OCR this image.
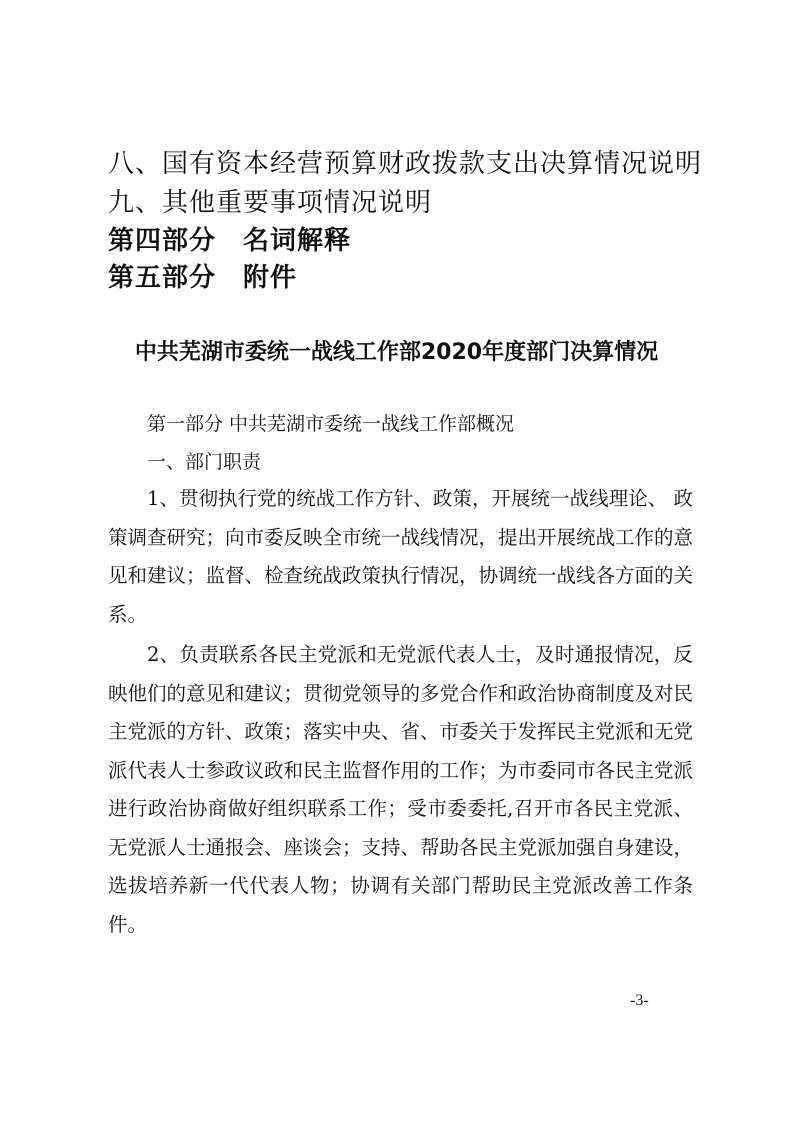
八、国有资本经营预算财政拨款支出决算情况说明
九、其他重要事项情况说明
第四部分　名词解释
第五部分　附件
中共芜湖市委统一战线工作部2020年度部门决算情况
第一部分 中共芜湖市委统一战线工作部概况
一、部门职责

1、贯彻执行党的统战工作方针、政策，开展统一战线理论、 政策调查研究；向市委反映全市统一战线情况，提出开展统战工作的意见和建议；监督、检查统战政策执行情况，协调统一战线各方面的关系。

2、负责联系各民主党派和无党派代表人士，及时通报情况，反映他们的意见和建议；贯彻党领导的多党合作和政治协商制度及对民主党派的方针、政策；落实中央、省、市委关于发挥民主党派和无党派代表人士参政议政和民主监督作用的工作；为市委同市各民主党派进行政治协商做好组织联系工作；受市委委托,召开市各民主党派、无党派人士通报会、座谈会；支持、帮助各民主党派加强自身建设，选拔培养新一代代表人物；协调有关部门帮助民主党派改善工作条件。

-3-
